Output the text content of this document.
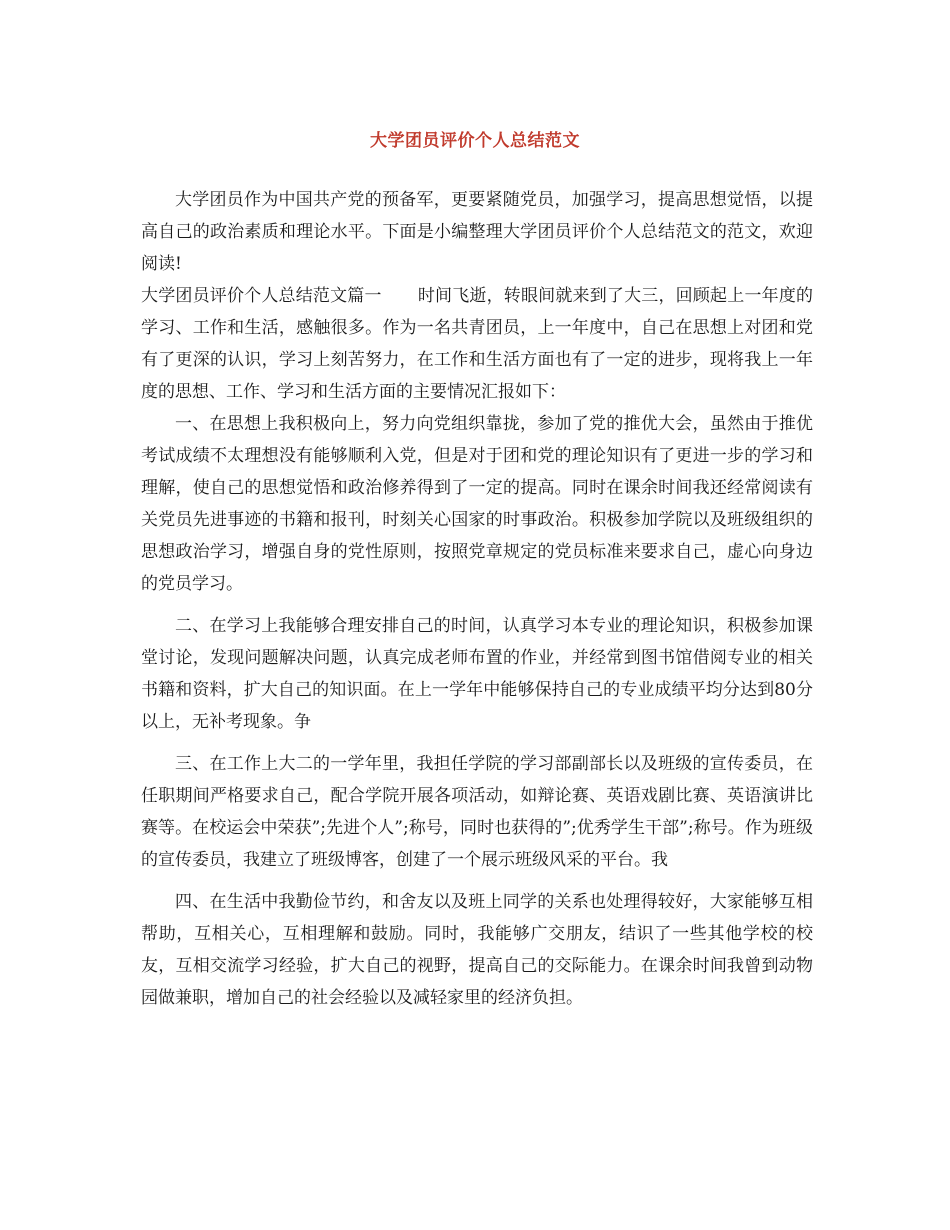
大学团员评价个人总结范文

大学团员作为中国共产党的预备军，更要紧随党员，加强学习，提高思想觉悟，以提高自己的政治素质和理论水平。下面是小编整理大学团员评价个人总结范文的范文，欢迎阅读!

大学团员评价个人总结范文篇一 时间飞逝，转眼间就来到了大三，回顾起上一年度的学习、工作和生活，感触很多。作为一名共青团员，上一年度中，自己在思想上对团和党有了更深的认识，学习上刻苦努力，在工作和生活方面也有了一定的进步，现将我上一年度的思想、工作、学习和生活方面的主要情况汇报如下：

一、在思想上我积极向上，努力向党组织靠拢，参加了党的推优大会，虽然由于推优考试成绩不太理想没有能够顺利入党，但是对于团和党的理论知识有了更进一步的学习和理解，使自己的思想觉悟和政治修养得到了一定的提高。同时在课余时间我还经常阅读有关党员先进事迹的书籍和报刊，时刻关心国家的时事政治。积极参加学院以及班级组织的思想政治学习，增强自身的党性原则，按照党章规定的党员标准来要求自己，虚心向身边的党员学习。

二、在学习上我能够合理安排自己的时间，认真学习本专业的理论知识，积极参加课堂讨论，发现问题解决问题，认真完成老师布置的作业，并经常到图书馆借阅专业的相关书籍和资料，扩大自己的知识面。在上一学年中能够保持自己的专业成绩平均分达到80分以上，无补考现象。争

三、在工作上大二的一学年里，我担任学院的学习部副部长以及班级的宣传委员，在任职期间严格要求自己，配合学院开展各项活动，如辩论赛、英语戏剧比赛、英语演讲比赛等。在校运会中荣获”;先进个人”;称号，同时也获得的”;优秀学生干部”;称号。作为班级的宣传委员，我建立了班级博客，创建了一个展示班级风采的平台。我

四、在生活中我勤俭节约，和舍友以及班上同学的关系也处理得较好，大家能够互相帮助，互相关心，互相理解和鼓励。同时，我能够广交朋友，结识了一些其他学校的校友，互相交流学习经验，扩大自己的视野，提高自己的交际能力。在课余时间我曾到动物园做兼职，增加自己的社会经验以及减轻家里的经济负担。
